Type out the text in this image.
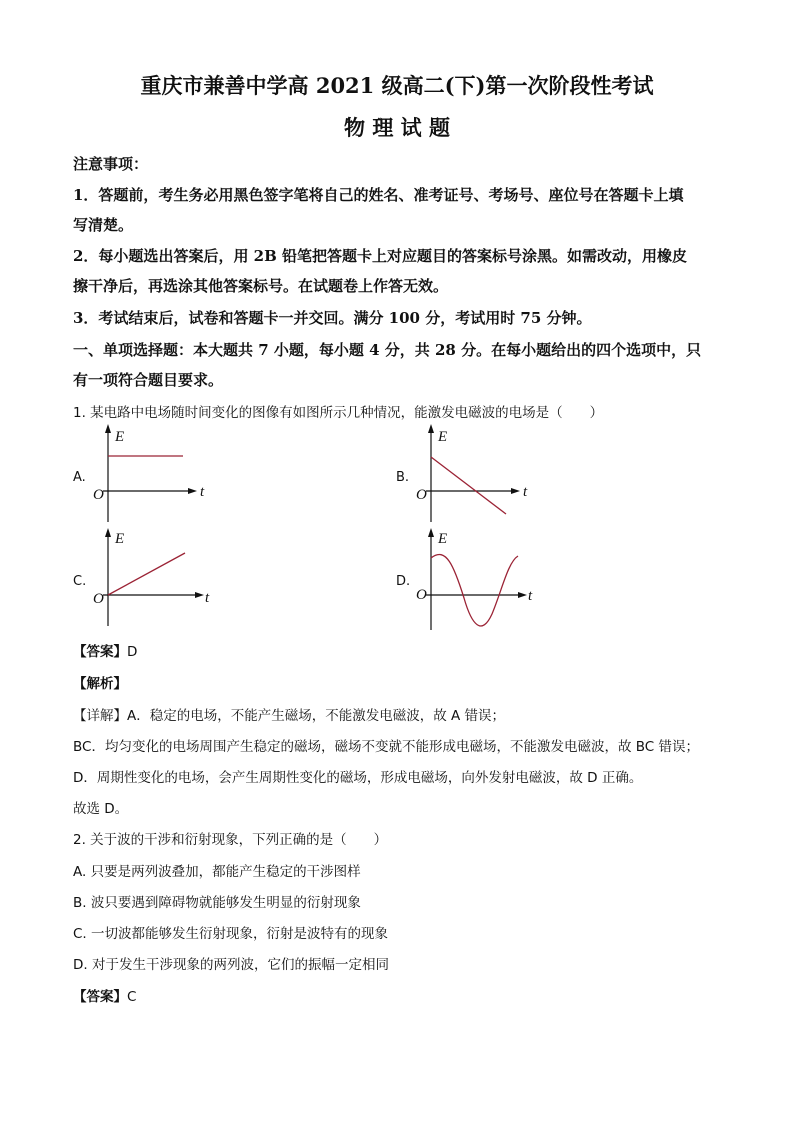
重庆市兼善中学高 2021 级高二(下)第一次阶段性考试
物 理 试 题
注意事项：
1．答题前，考生务必用黑色签字笔将自己的姓名、准考证号、考场号、座位号在答题卡上填
写清楚。
2．每小题选出答案后，用 2B 铅笔把答题卡上对应题目的答案标号涂黑。如需改动，用橡皮
擦干净后，再选涂其他答案标号。在试题卷上作答无效。
3．考试结束后，试卷和答题卡一并交回。满分 100 分，考试用时 75 分钟。
一、单项选择题：本大题共 7 小题，每小题 4 分，共 28 分。在每小题给出的四个选项中，只
有一项符合题目要求。
1. 某电路中电场随时间变化的图像有如图所示几种情况，能激发电磁波的电场是（　　）
A.
E
t
O
B.
E
t
O
C.
E
t
O
D.
E
t
O
【答案】D
【解析】
【详解】A．稳定的电场，不能产生磁场，不能激发电磁波，故 A 错误；
BC．均匀变化的电场周围产生稳定的磁场，磁场不变就不能形成电磁场，不能激发电磁波，故 BC 错误；
D．周期性变化的电场，会产生周期性变化的磁场，形成电磁场，向外发射电磁波，故 D 正确。
故选 D。
2. 关于波的干涉和衍射现象，下列正确的是（　　）
A. 只要是两列波叠加，都能产生稳定的干涉图样
B. 波只要遇到障碍物就能够发生明显的衍射现象
C. 一切波都能够发生衍射现象，衍射是波特有的现象
D. 对于发生干涉现象的两列波，它们的振幅一定相同
【答案】C
